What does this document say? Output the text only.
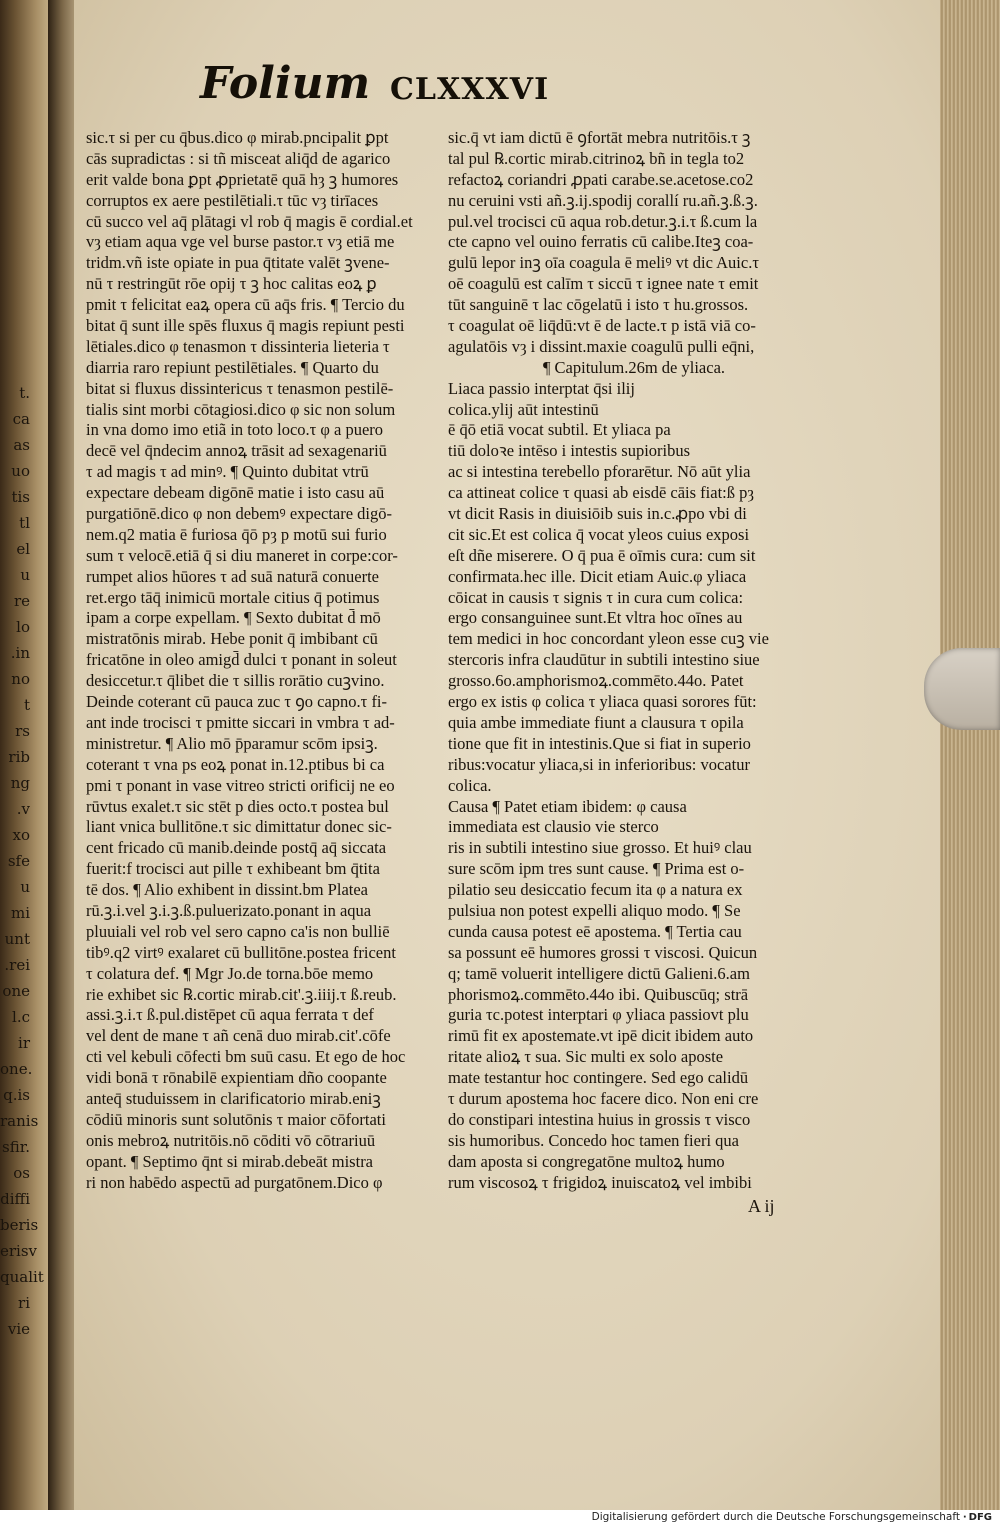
t.
ca
as
uo
tis
tl
el
u
re
lo
.in
no
t
rs
rib
ng
.v
xo
sfe
u
mi
unt
.rei
one
l.c
ir
one.
q.is
ranis
sfir.
os
diffi
beris
erisv
qualit
ri
vie
Folium CLXXXVI
sic.τ si per cu q̄bus.dico φ mirab.pncipalit ꝑpt
cās supradictas : si tñ misceat aliq̄d de agarico
erit valde bona ꝑpt ꝓprietatē quā hȝ ꝫ humores
corruptos ex aere pestilētiali.τ tūc vȝ tirīaces
cū succo vel aq̄ plātagi vl rob q̄ magis ē cordial.et
vȝ etiam aqua vge vel burse pastor.τ vȝ etiā me
tridm.vñ iste opiate in pua q̄titate valēt ꝫvene-
nū τ restringūt rōe opij τ ꝫ hoc calitas eoꝝ ꝑ
pmit τ felicitat eaꝝ opera cū aq̄s fris. ¶ Tercio du
bitat q̄ sunt ille spēs fluxus q̄ magis repiunt pesti
lētiales.dico φ tenasmon τ dissinteria lieteria τ
diarria raro repiunt pestilētiales. ¶ Quarto du
bitat si fluxus dissintericus τ tenasmon pestilē-
tialis sint morbi cōtagiosi.dico φ sic non solum
in vna domo imo etiã in toto loco.τ φ a puero
decē vel q̄ndecim annoꝝ trāsit ad sexagenariū
τ ad magis τ ad minꝰ. ¶ Quinto dubitat vtrū
expectare debeam digōnē matie i isto casu aū
purgatiōnē.dico φ non debemꝰ expectare digō-
nem.q2 matia ē furiosa q̄ō pȝ p motū sui furio
sum τ velocē.etiā q̄ si diu maneret in corpe:cor-
rumpet alios hūores τ ad suā naturā conuerte
ret.ergo tāq̄ inimicū mortale citius q̄ potimus
ipam a corpe expellam. ¶ Sexto dubitat d̄ mō
mistratōnis mirab. Hebe ponit q̄ imbibant cū
fricatōne in oleo amigd̄ dulci τ ponant in soleut
desiccetur.τ q̄libet die τ sillis rorātio cuꝫvino.
Deinde coterant cū pauca zuc τ ꝯo capno.τ fi-
ant inde trocisci τ pmitte siccari in vmbra τ ad-
ministretur. ¶ Alio mō p̄paramur scōm ipsiꝫ.
coterant τ vna ps eoꝝ ponat in.12.ptibus bi ca
pmi τ ponant in vase vitreo stricti orificij ne eo
rūvtus exalet.τ sic stēt p dies octo.τ postea bul
liant vnica bullitōne.τ sic dimittatur donec sic-
cent fricado cū manib.deinde postq̄ aq̄ siccata
fuerit:f trocisci aut pille τ exhibeant bm q̄tita
tē dos. ¶ Alio exhibent in dissint.bm Platea
rū.ꝫ.i.vel ꝫ.i.ꝫ.ß.puluerizato.ponant in aqua
pluuiali vel rob vel sero capno ca'is non bulliē
tibꝰ.q2 virtꝰ exalaret cū bullitōne.postea fricent
τ colatura def. ¶ Mgr Jo.de torna.bōe memo
rie exhibet sic ℞.cortic mirab.cit'.ꝫ.iiij.τ ß.reub.
assi.ꝫ.i.τ ß.pul.distēpet cū aqua ferrata τ def
vel dent de mane τ añ cenā duo mirab.cit'.cōfe
cti vel kebuli cōfecti bm suū casu. Et ego de hoc
vidi bonā τ rōnabilē expientiam dño coopante
anteq̄ studuissem in clarificatorio mirab.eniꝫ
cōdiū minoris sunt solutōnis τ maior cōfortati
onis mebroꝝ nutritōis.nō cōditi vō cōtrariuū
opant. ¶ Septimo q̄nt si mirab.debeāt mistra
ri non habēdo aspectū ad purgatōnem.Dico φ
sic.q̄ vt iam dictū ē ꝯfortāt mebra nutritōis.τ ꝫ
tal pul ℞.cortic mirab.citrinoꝝ bñ in tegla to2
refactoꝝ coriandri ꝓpati carabe.se.acetose.co2
nu ceruini vsti añ.ꝫ.ij.spodij corallí ru.añ.ꝫ.ß.ꝫ.
pul.vel trocisci cū aqua rob.detur.ꝫ.i.τ ß.cum la
cte capno vel ouino ferratis cū calibe.Iteꝫ coa-
gulū lepor inꝫ oīa coagula ē meliꝰ vt dic Auic.τ
oē coagulū est calīm τ siccū τ ignee nate τ emit
tūt sanguinē τ lac cōgelatū i isto τ hu.grossos.
τ coagulat oē liq̄dū:vt ē de lacte.τ p istā viā co-
agulatōis vȝ i dissint.maxie coagulū pulli eq̄ni,
¶ Capitulum.26m de yliaca.
Liaca passio interptat q̄si ilij
colica.ylij aūt intestinū
ē q̄ō etiā vocat subtil. Et yliaca pa
tiū doloꝛe intēso i intestis supioribus
ac si intestina terebello pforarētur. Nō aūt ylia
ca attineat colice τ quasi ab eisdē cāis fiat:ß pȝ
vt dicit Rasis in diuisiōib suis in.c.ꝓpo vbi di
cit sic.Et est colica q̄ vocat yleos cuius exposi
eſt dñe miserere. O q̄ pua ē oīmis cura: cum sit
confirmata.hec ille. Dicit etiam Auic.φ yliaca
cōicat in causis τ signis τ in cura cum colica:
ergo consanguinee sunt.Et vltra hoc oīnes au
tem medici in hoc concordant yleon esse cuꝫ vie
stercoris infra claudūtur in subtili intestino siue
grosso.6o.amphorismoꝝ.commēto.44o. Patet
ergo ex istis φ colica τ yliaca quasi sorores fūt:
quia ambe immediate fiunt a clausura τ opila
tione que fit in intestinis.Que si fiat in superio
ribus:vocatur yliaca,si in inferioribus: vocatur
colica.
Causa ¶ Patet etiam ibidem: φ causa
immediata est clausio vie sterco
ris in subtili intestino siue grosso. Et huiꝰ clau
sure scōm ipm tres sunt cause. ¶ Prima est o-
pilatio seu desiccatio fecum ita φ a natura ex
pulsiua non potest expelli aliquo modo. ¶ Se
cunda causa potest eē apostema. ¶ Tertia cau
sa possunt eē humores grossi τ viscosi. Quicun
q; tamē voluerit intelligere dictū Galieni.6.am
phorismoꝝ.commēto.44o ibi. Quibuscūq; strā
guria τc.potest interptari φ yliaca passiovt plu
rimū fit ex apostemate.vt ipē dicit ibidem auto
ritate alioꝝ τ sua. Sic multi ex solo aposte
mate testantur hoc contingere. Sed ego calidū
τ durum apostema hoc facere dico. Non eni cre
do constipari intestina huius in grossis τ visco
sis humoribus. Concedo hoc tamen fieri qua
dam aposta si congregatōne multoꝝ humo
rum viscosoꝝ τ frigidoꝝ inuiscatoꝝ vel imbibi
A ij
Digitalisierung gefördert durch die Deutsche Forschungsgemeinschaft · DFG
